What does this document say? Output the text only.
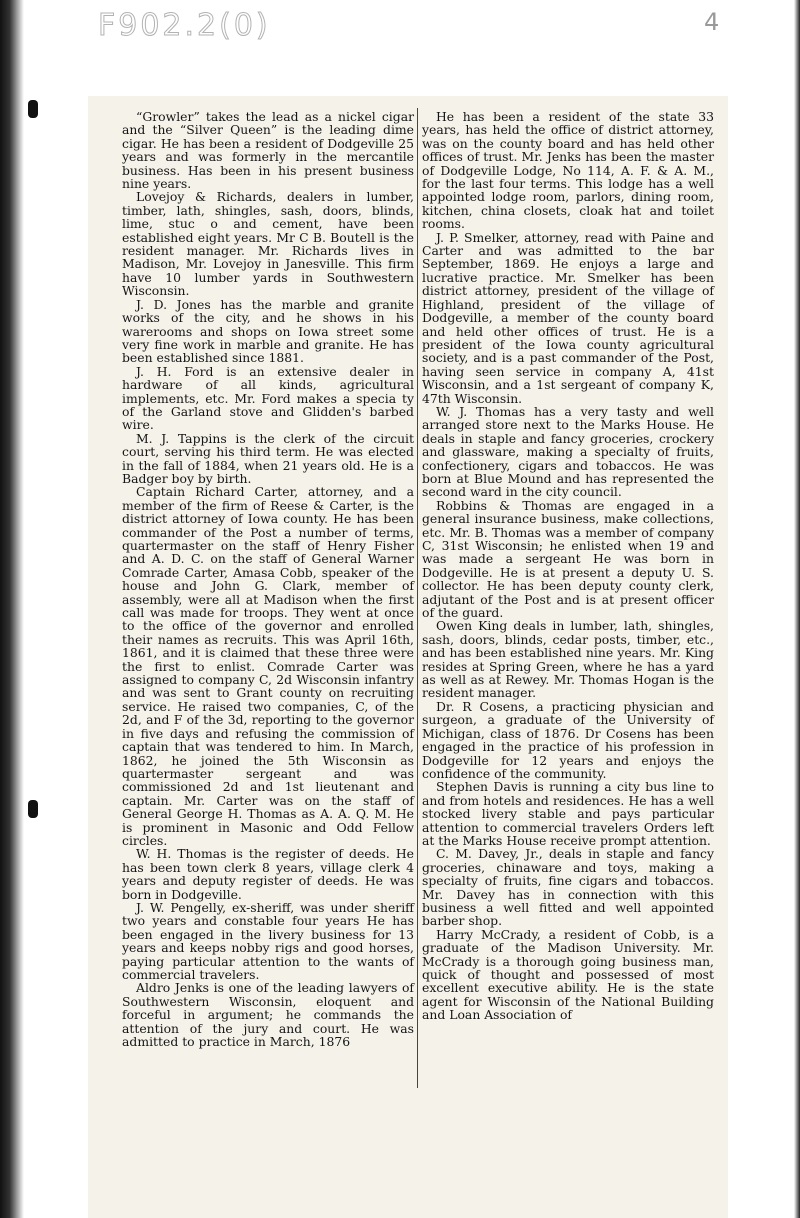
F902.2(0)	4

“Growler” takes the lead as a nickel cigar and the “Silver Queen” is the leading dime cigar. He has been a resident of Dodgeville 25 years and was formerly in the mercantile business. Has been in his present business nine years.

Lovejoy & Richards, dealers in lumber, timber, lath, shingles, sash, doors, blinds, lime, stuc o and cement, have been established eight years. Mr C B. Boutell is the resident manager. Mr. Richards lives in Madison, Mr. Lovejoy in Janesville. This firm have 10 lumber yards in Southwestern Wisconsin.

J. D. Jones has the marble and granite works of the city, and he shows in his warerooms and shops on Iowa street some very fine work in marble and granite. He has been established since 1881.

J. H. Ford is an extensive dealer in hardware of all kinds, agricultural implements, etc. Mr. Ford makes a specia ty of the Garland stove and Glidden's barbed wire.

M. J. Tappins is the clerk of the circuit court, serving his third term. He was elected in the fall of 1884, when 21 years old. He is a Badger boy by birth.

Captain Richard Carter, attorney, and a member of the firm of Reese & Carter, is the district attorney of Iowa county. He has been commander of the Post a number of terms, quartermaster on the staff of Henry Fisher and A. D. C. on the staff of General Warner Comrade Carter, Amasa Cobb, speaker of the house and John G. Clark, member of assembly, were all at Madison when the first call was made for troops. They went at once to the office of the governor and enrolled their names as recruits. This was April 16th, 1861, and it is claimed that these three were the first to enlist. Comrade Carter was assigned to company C, 2d Wisconsin infantry and was sent to Grant county on recruiting service. He raised two companies, C, of the 2d, and F of the 3d, reporting to the governor in five days and refusing the commission of captain that was tendered to him. In March, 1862, he joined the 5th Wisconsin as quartermaster sergeant and was commissioned 2d and 1st lieutenant and captain. Mr. Carter was on the staff of General George H. Thomas as A. A. Q. M. He is prominent in Masonic and Odd Fellow circles.

W. H. Thomas is the register of deeds. He has been town clerk 8 years, village clerk 4 years and deputy register of deeds. He was born in Dodgeville.

J. W. Pengelly, ex-sheriff, was under sheriff two years and constable four years He has been engaged in the livery business for 13 years and keeps nobby rigs and good horses, paying particular attention to the wants of commercial travelers.

Aldro Jenks is one of the leading lawyers of Southwestern Wisconsin, eloquent and forceful in argument; he commands the attention of the jury and court. He was admitted to practice in March, 1876

He has been a resident of the state 33 years, has held the office of district attorney, was on the county board and has held other offices of trust. Mr. Jenks has been the master of Dodgeville Lodge, No 114, A. F. & A. M., for the last four terms. This lodge has a well appointed lodge room, parlors, dining room, kitchen, china closets, cloak hat and toilet rooms.

J. P. Smelker, attorney, read with Paine and Carter and was admitted to the bar September, 1869. He enjoys a large and lucrative practice. Mr. Smelker has been district attorney, president of the village of Highland, president of the village of Dodgeville, a member of the county board and held other offices of trust. He is a president of the Iowa county agricultural society, and is a past commander of the Post, having seen service in company A, 41st Wisconsin, and a 1st sergeant of company K, 47th Wisconsin.

W. J. Thomas has a very tasty and well arranged store next to the Marks House. He deals in staple and fancy groceries, crockery and glassware, making a specialty of fruits, confectionery, cigars and tobaccos. He was born at Blue Mound and has represented the second ward in the city council.

Robbins & Thomas are engaged in a general insurance business, make collections, etc. Mr. B. Thomas was a member of company C, 31st Wisconsin; he enlisted when 19 and was made a sergeant He was born in Dodgeville. He is at present a deputy U. S. collector. He has been deputy county clerk, adjutant of the Post and is at present officer of the guard.

Owen King deals in lumber, lath, shingles, sash, doors, blinds, cedar posts, timber, etc., and has been established nine years. Mr. King resides at Spring Green, where he has a yard as well as at Rewey. Mr. Thomas Hogan is the resident manager.

Dr. R Cosens, a practicing physician and surgeon, a graduate of the University of Michigan, class of 1876. Dr Cosens has been engaged in the practice of his profession in Dodgeville for 12 years and enjoys the confidence of the community.

Stephen Davis is running a city bus line to and from hotels and residences. He has a well stocked livery stable and pays particular attention to commercial travelers Orders left at the Marks House receive prompt attention.

C. M. Davey, Jr., deals in staple and fancy groceries, chinaware and toys, making a specialty of fruits, fine cigars and tobaccos. Mr. Davey has in connection with this business a well fitted and well appointed barber shop.

Harry McCrady, a resident of Cobb, is a graduate of the Madison University. Mr. McCrady is a thorough going business man, quick of thought and possessed of most excellent executive ability. He is the state agent for Wisconsin of the National Building and Loan Association of
